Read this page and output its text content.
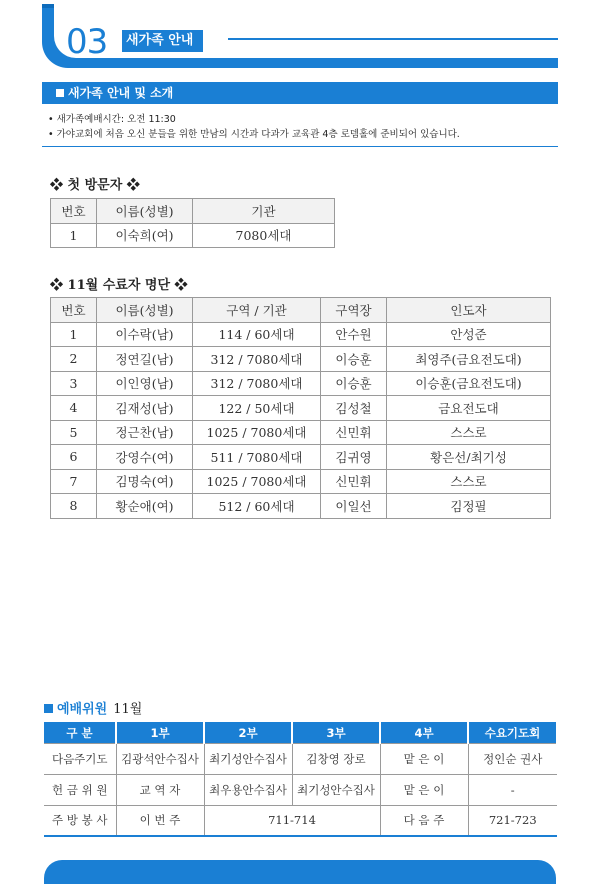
03	새가족 안내
새가족 안내 및 소개
• 새가족예배시간: 오전 11:30
• 가야교회에 처음 오신 분들을 위한 만남의 시간과 다과가 교육관 4층 로뎀홀에 준비되어 있습니다.
❖ 첫 방문자 ❖
번호	이름(성별)	기관
1	이숙희(여)	7080세대
❖ 11월 수료자 명단 ❖
번호	이름(성별)	구역 / 기관	구역장	인도자
1	이수락(남)	114 / 60세대	안수원	안성준
2	정연길(남)	312 / 7080세대	이승훈	최영주(금요전도대)
3	이인영(남)	312 / 7080세대	이승훈	이승훈(금요전도대)
4	김재성(남)	122 / 50세대	김성철	금요전도대
5	정근찬(남)	1025 / 7080세대	신민휘	스스로
6	강영수(여)	511 / 7080세대	김귀영	황은선/최기성
7	김명숙(여)	1025 / 7080세대	신민휘	스스로
8	황순애(여)	512 / 60세대	이일선	김정필
예배위원 11월
구 분	1부	2부	3부	4부	수요기도회
다음주기도	김광석안수집사	최기성안수집사	김창영 장로	맡 은 이	정인순 권사
헌 금 위 원	교 역 자	최우용안수집사	최기성안수집사	맡 은 이	-
주 방 봉 사	이 번 주	711-714		다 음 주	721-723
